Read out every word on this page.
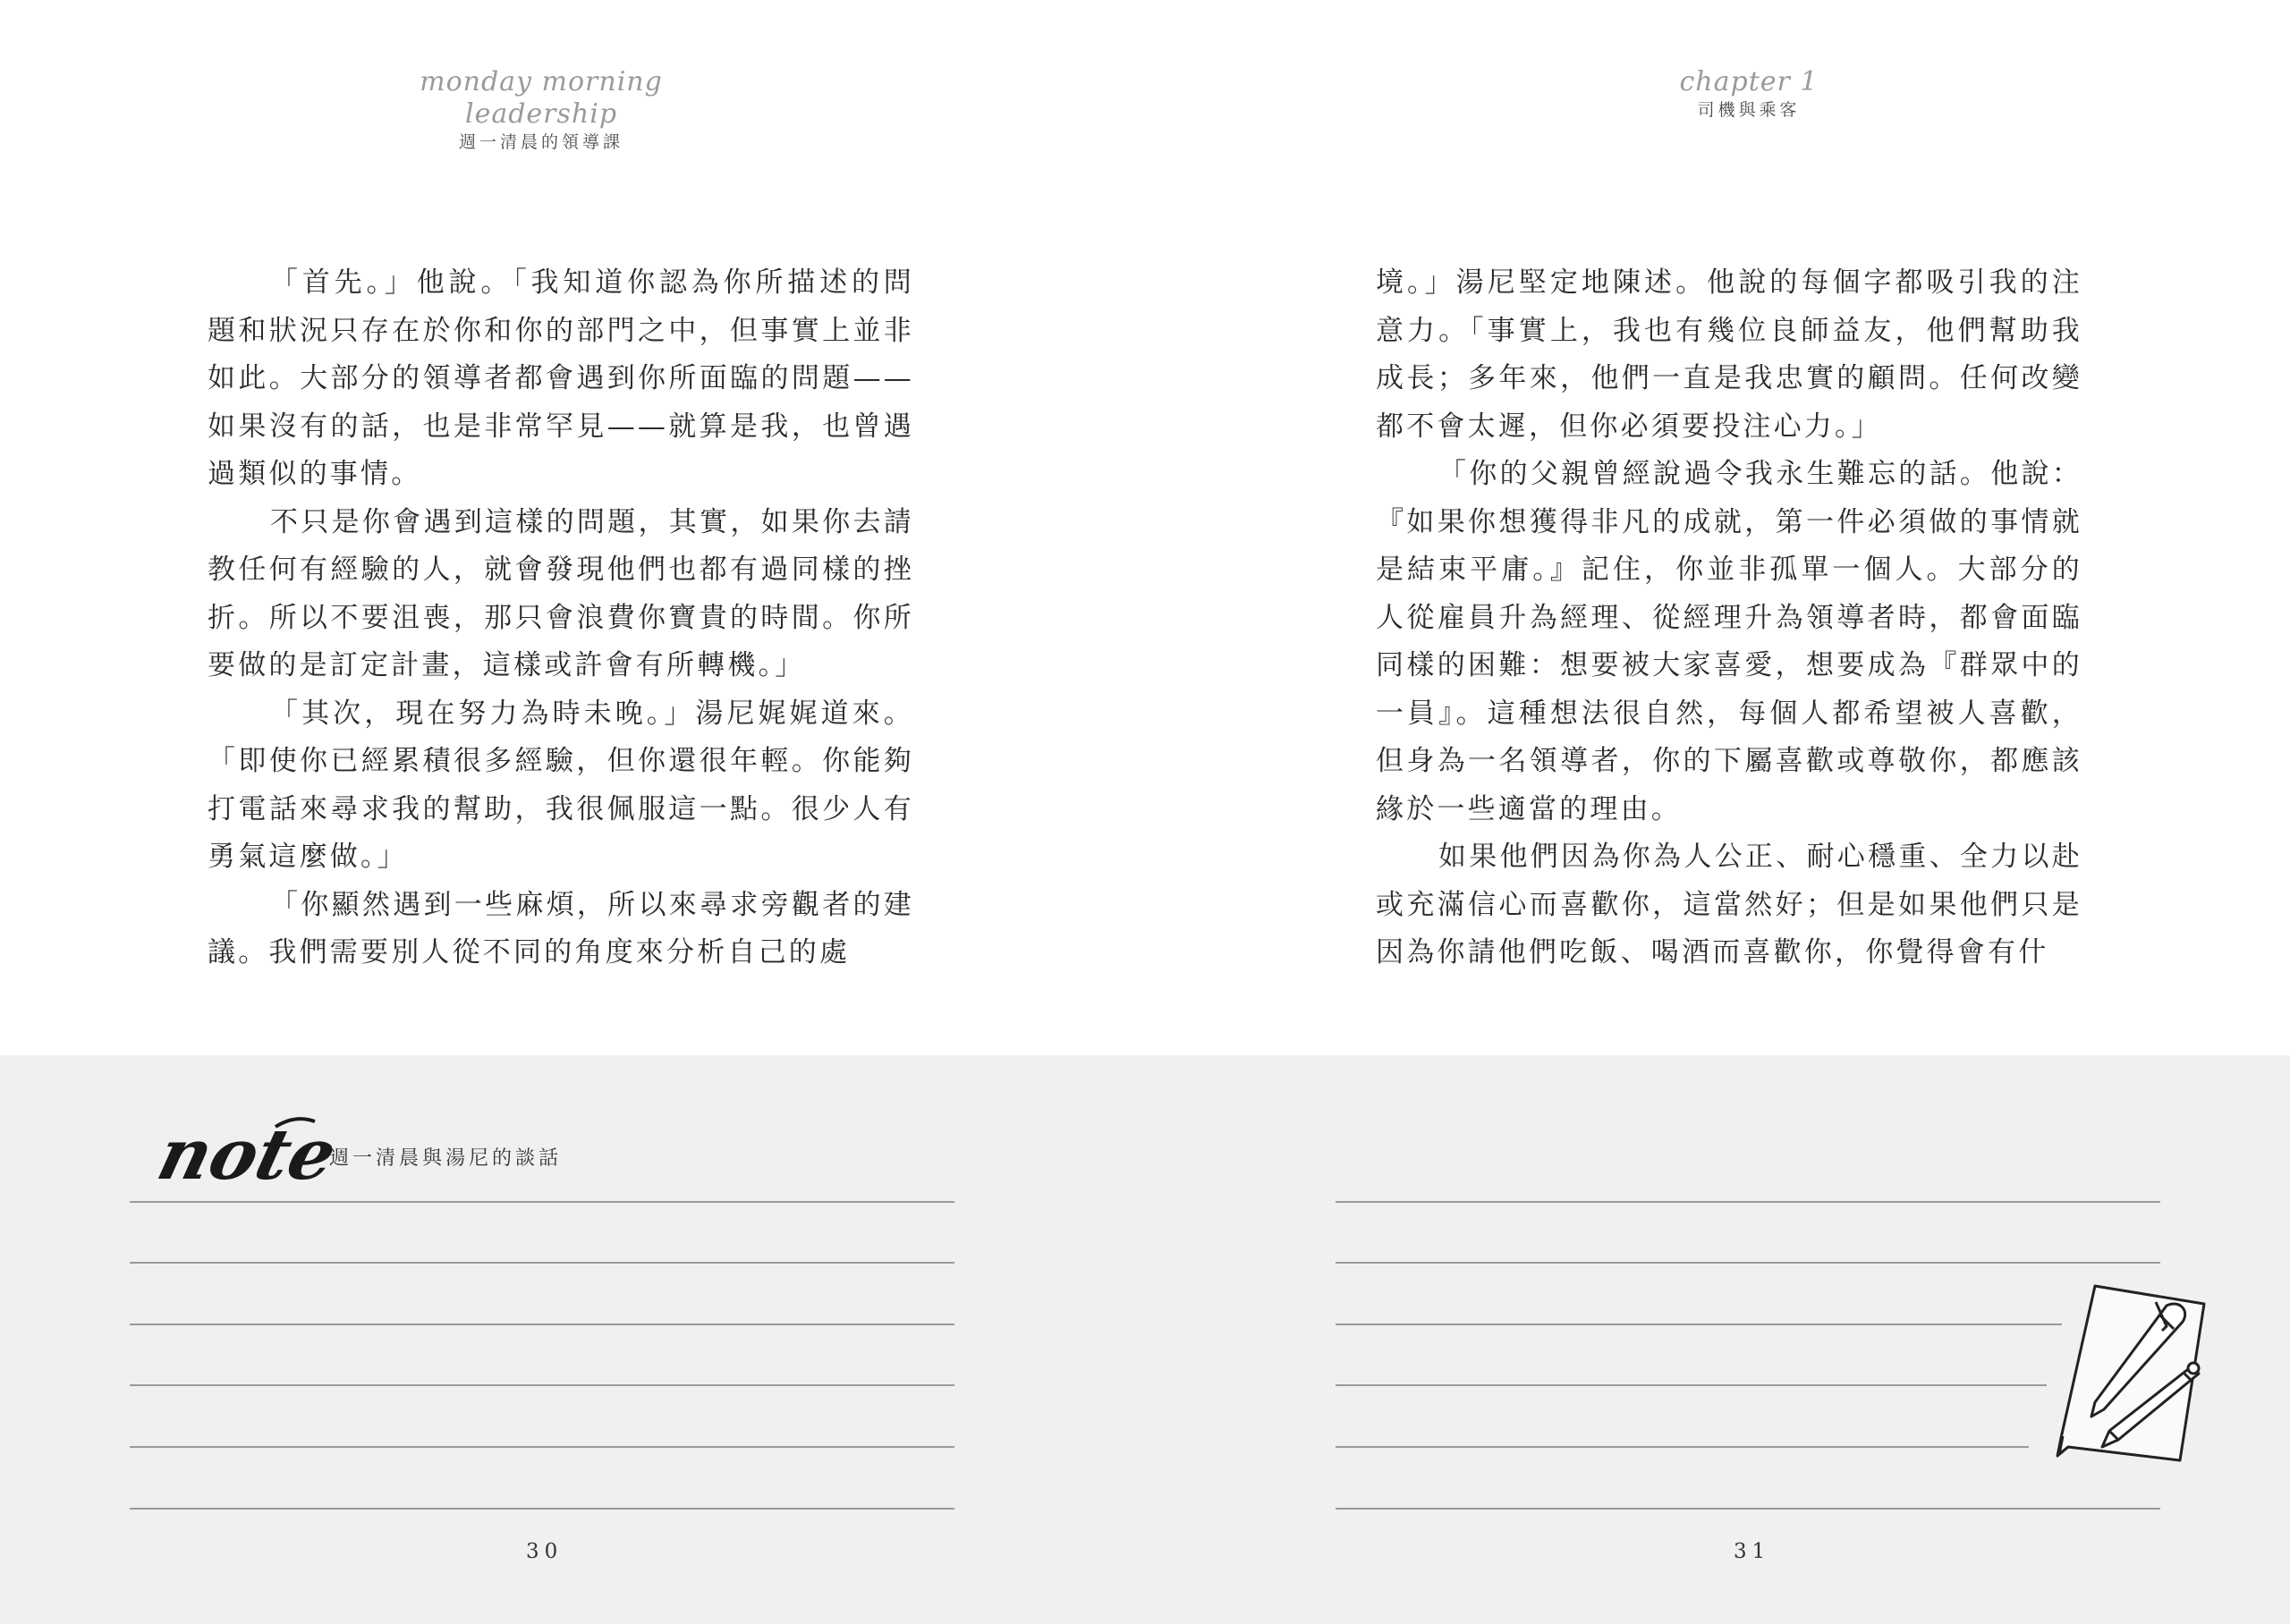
monday morning leadership
週一清晨的領導課
chapter 1
司機與乘客

「首先。」他說。「我知道你認為你所描述的問題和狀況只存在於你和你的部門之中，但事實上並非如此。大部分的領導者都會遇到你所面臨的問題——如果沒有的話，也是非常罕見——就算是我，也曾遇過類似的事情。

不只是你會遇到這樣的問題，其實，如果你去請教任何有經驗的人，就會發現他們也都有過同樣的挫折。所以不要沮喪，那只會浪費你寶貴的時間。你所要做的是訂定計畫，這樣或許會有所轉機。」

「其次，現在努力為時未晚。」湯尼娓娓道來。「即使你已經累積很多經驗，但你還很年輕。你能夠打電話來尋求我的幫助，我很佩服這一點。很少人有勇氣這麼做。」

「你顯然遇到一些麻煩，所以來尋求旁觀者的建議。我們需要別人從不同的角度來分析自己的處

境。」湯尼堅定地陳述。他說的每個字都吸引我的注意力。「事實上，我也有幾位良師益友，他們幫助我成長；多年來，他們一直是我忠實的顧問。任何改變都不會太遲，但你必須要投注心力。」

「你的父親曾經說過令我永生難忘的話。他說：『如果你想獲得非凡的成就，第一件必須做的事情就是結束平庸。』記住，你並非孤單一個人。大部分的人從雇員升為經理、從經理升為領導者時，都會面臨同樣的困難：想要被大家喜愛，想要成為『群眾中的一員』。這種想法很自然，每個人都希望被人喜歡，但身為一名領導者，你的下屬喜歡或尊敬你，都應該緣於一些適當的理由。

如果他們因為你為人公正、耐心穩重、全力以赴或充滿信心而喜歡你，這當然好；但是如果他們只是因為你請他們吃飯、喝酒而喜歡你，你覺得會有什

note
週一清晨與湯尼的談話
30	31
